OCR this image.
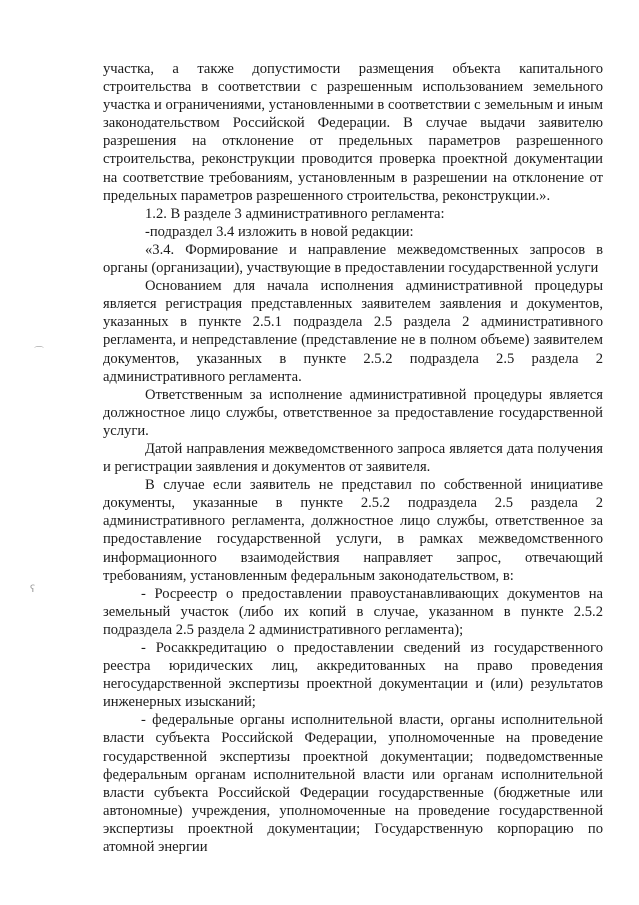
⌒
ʕ

участка, а также допустимости размещения объекта капитального строительства в соответствии с разрешенным использованием земельного участка и ограничениями, установленными в соответствии с земельным и иным законодательством Российской Федерации. В случае выдачи заявителю разрешения на отклонение от предельных параметров разрешенного строительства, реконструкции проводится проверка проектной документации на соответствие требованиям, установленным в разрешении на отклонение от предельных параметров разрешенного строительства, реконструкции.».

1.2. В разделе 3 административного регламента:

-подраздел 3.4 изложить в новой редакции:

«3.4. Формирование и направление межведомственных запросов в органы (организации), участвующие в предоставлении государственной услуги

Основанием для начала исполнения административной процедуры является регистрация представленных заявителем заявления и документов, указанных в пункте 2.5.1 подраздела 2.5 раздела 2 административного регламента, и непредставление (представление не в полном объеме) заявителем документов, указанных в пункте 2.5.2 подраздела 2.5 раздела 2 административного регламента.

Ответственным за исполнение административной процедуры является должностное лицо службы, ответственное за предоставление государственной услуги.

Датой направления межведомственного запроса является дата получения и регистрации заявления и документов от заявителя.

В случае если заявитель не представил по собственной инициативе документы, указанные в пункте 2.5.2 подраздела 2.5 раздела 2 административного регламента, должностное лицо службы, ответственное за предоставление государственной услуги, в рамках межведомственного информационного взаимодействия направляет запрос, отвечающий требованиям, установленным федеральным законодательством, в:

- Росреестр о предоставлении правоустанавливающих документов на земельный участок (либо их копий в случае, указанном в пункте 2.5.2 подраздела 2.5 раздела 2 административного регламента);

- Росаккредитацию о предоставлении сведений из государственного реестра юридических лиц, аккредитованных на право проведения негосударственной экспертизы проектной документации и (или) результатов инженерных изысканий;

- федеральные органы исполнительной власти, органы исполнительной власти субъекта Российской Федерации, уполномоченные на проведение государственной экспертизы проектной документации; подведомственные федеральным органам исполнительной власти или органам исполнительной власти субъекта Российской Федерации государственные (бюджетные или автономные) учреждения, уполномоченные на проведение государственной экспертизы проектной документации; Государственную корпорацию по атомной энергии
